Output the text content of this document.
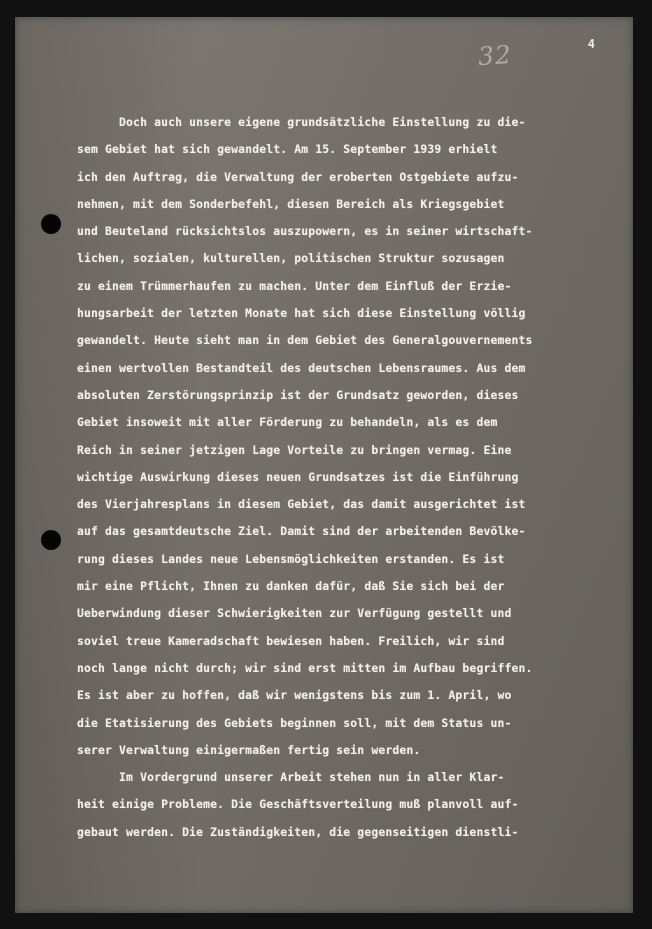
32	4
Doch auch unsere eigene grundsätzliche Einstellung zu die-
sem Gebiet hat sich gewandelt. Am 15. September 1939 erhielt
ich den Auftrag, die Verwaltung der eroberten Ostgebiete aufzu-
nehmen, mit dem Sonderbefehl, diesen Bereich als Kriegsgebiet
und Beuteland rücksichtslos auszupowern, es in seiner wirtschaft-
lichen, sozialen, kulturellen, politischen Struktur sozusagen
zu einem Trümmerhaufen zu machen. Unter dem Einfluß der Erzie-
hungsarbeit der letzten Monate hat sich diese Einstellung völlig
gewandelt. Heute sieht man in dem Gebiet des Generalgouvernements
einen wertvollen Bestandteil des deutschen Lebensraumes. Aus dem
absoluten Zerstörungsprinzip ist der Grundsatz geworden, dieses
Gebiet insoweit mit aller Förderung zu behandeln, als es dem
Reich in seiner jetzigen Lage Vorteile zu bringen vermag. Eine
wichtige Auswirkung dieses neuen Grundsatzes ist die Einführung
des Vierjahresplans in diesem Gebiet, das damit ausgerichtet ist
auf das gesamtdeutsche Ziel. Damit sind der arbeitenden Bevölke-
rung dieses Landes neue Lebensmöglichkeiten erstanden. Es ist
mir eine Pflicht, Ihnen zu danken dafür, daß Sie sich bei der
Ueberwindung dieser Schwierigkeiten zur Verfügung gestellt und
soviel treue Kameradschaft bewiesen haben. Freilich, wir sind
noch lange nicht durch; wir sind erst mitten im Aufbau begriffen.
Es ist aber zu hoffen, daß wir wenigstens bis zum 1. April, wo
die Etatisierung des Gebiets beginnen soll, mit dem Status un-
serer Verwaltung einigermaßen fertig sein werden.
Im Vordergrund unserer Arbeit stehen nun in aller Klar-
heit einige Probleme. Die Geschäftsverteilung muß planvoll auf-
gebaut werden. Die Zuständigkeiten, die gegenseitigen dienstli-
